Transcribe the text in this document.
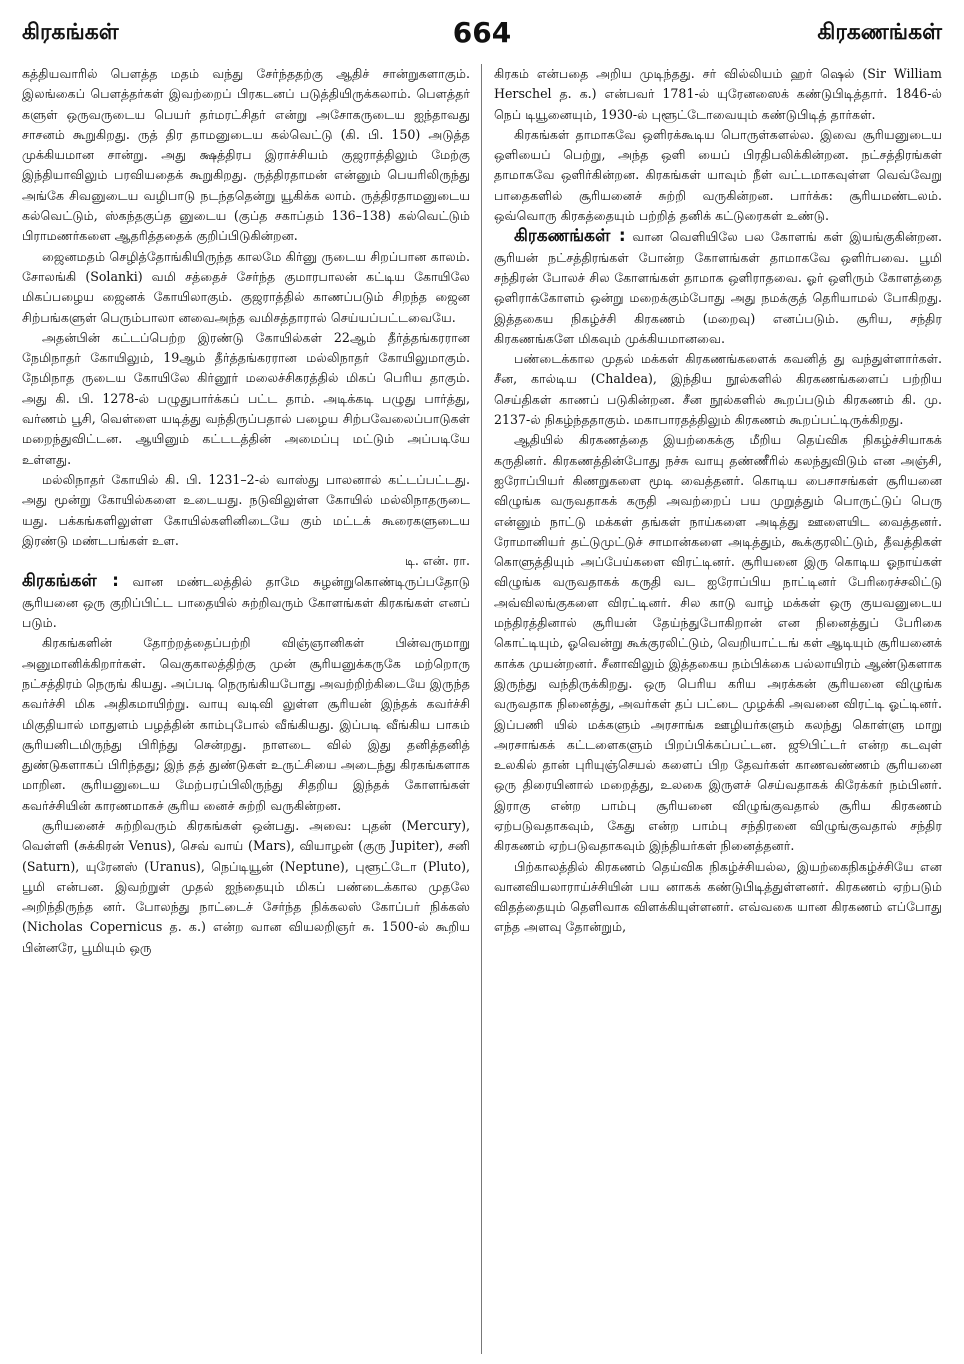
கிரகங்கள்	664	கிரகணங்கள்

கத்தியவாரில் பௌத்த மதம் வந்து சேர்ந்ததற்கு ஆதிச் சான்றுகளாகும். இலங்கைப் பௌத்தர்கள் இவற்றைப் பிரகடனப் படுத்தியிருக்கலாம். பௌத்தர் களுள் ஒருவருடைய பெயர் தர்மரட்சிதர் என்று அசோகருடைய ஐந்தாவது சாசனம் கூறுகிறது. ருத் திர தாமனுடைய கல்வெட்டு (கி. பி. 150) அடுத்த முக்கியமான சான்று. அது க்ஷத்திரப இராச்சியம் குஜராத்திலும் மேற்கு இந்தியாவிலும் பரவியதைக் கூறுகிறது. ருத்திரதாமன் என்னும் பெயரிலிருந்து அங்கே சிவனுடைய வழிபாடு நடந்ததென்று யூகிக்க லாம். ருத்திரதாமனுடைய கல்வெட்டும், ஸ்கந்தகுப்த னுடைய (குப்த சகாப்தம் 136–138) கல்வெட்டும் பிராமணர்களை ஆதரித்ததைக் குறிப்பிடுகின்றன.

ஜைனமதம் செழித்தோங்கியிருந்த காலமே கிர்னு ருடைய சிறப்பான காலம். சோலங்கி (Solanki) வமி சத்தைச் சேர்ந்த குமாரபாலன் கட்டிய கோயிலே மிகப்பழைய ஜைனக் கோயிலாகும். குஜராத்தில் காணப்படும் சிறந்த ஜைன சிற்பங்களுள் பெரும்பாலா னவைஅந்த வமிசத்தாரால் செய்யப்பட்டவையே.

அதன்பின் கட்டப்பெற்ற இரண்டு கோயில்கள் 22ஆம் தீர்த்தங்கரரான நேமிநாதர் கோயிலும், 19ஆம் தீர்த்தங்கரரான மல்லிநாதர் கோயிலுமாகும். நேமிநாத ருடைய கோயிலே கிர்னூர் மலைச்சிகரத்தில் மிகப் பெரிய தாகும். அது கி. பி. 1278-ல் பழுதுபார்க்கப் பட்ட தாம். அடிக்கடி பழுது பார்த்து, வர்ணம் பூசி, வெள்ளை யடித்து வந்திருப்பதால் பழைய சிற்பவேலைப்பாடுகள் மறைந்துவிட்டன. ஆயினும் கட்டடத்தின் அமைப்பு மட்டும் அப்படியே உள்ளது.

மல்லிநாதர் கோயில் கி. பி. 1231–2-ல் வாஸ்து பாலனால் கட்டப்பட்டது. அது மூன்று கோயில்களை உடையது. நடுவிலுள்ள கோயில் மல்லிநாதருடை யது. பக்கங்களிலுள்ள கோயில்களினிடையே கும் மட்டக் கூரைகளுடைய இரண்டு மண்டபங்கள் உள.

டி. என். ரா.

கிரகங்கள் : வான மண்டலத்தில் தாமே சுழன்றுகொண்டிருப்பதோடு சூரியனை ஒரு குறிப்பிட்ட பாதையில் சுற்றிவரும் கோளங்கள் கிரகங்கள் எனப் படும்.

கிரகங்களின் தோற்றத்தைப்பற்றி விஞ்ஞானிகள் பின்வருமாறு அனுமானிக்கிறார்கள். வெகுகாலத்திற்கு முன் சூரியனுக்கருகே மற்றொரு நட்சத்திரம் நெருங் கியது. அப்படி நெருங்கியபோது அவற்றிற்கிடையே இருந்த கவர்ச்சி மிக அதிகமாயிற்று. வாயு வடிவி லுள்ள சூரியன் இந்தக் கவர்ச்சி மிகுதியால் மாதுளம் பழத்தின் காம்புபோல் வீங்கியது. இப்படி வீங்கிய பாகம் சூரியனிடமிருந்து பிரிந்து சென்றது. நாளடை வில் இது தனித்தனித் துண்டுகளாகப் பிரிந்தது; இந் தத் துண்டுகள் உருட்சியை அடைந்து கிரகங்களாக மாறின. சூரியனுடைய மேற்பரப்பிலிருந்து சிதறிய இந்தக் கோளங்கள் கவர்ச்சியின் காரணமாகச் சூரிய னைச் சுற்றி வருகின்றன.

சூரியனைச் சுற்றிவரும் கிரகங்கள் ஒன்பது. அவை: புதன் (Mercury), வெள்ளி (சுக்கிரன் Venus), செவ் வாய் (Mars), வியாழன் (குரு Jupiter), சனி (Saturn), யுரேனஸ் (Uranus), நெப்டியூன் (Neptune), புளூட்டோ (Pluto), பூமி என்பன. இவற்றுள் முதல் ஐந்தையும் மிகப் பண்டைக்கால முதலே அறிந்திருந்த னர். போலந்து நாட்டைச் சேர்ந்த நிக்கலஸ் கோப்பர் நிக்கஸ் (Nicholas Copernicus த. க.) என்ற வான வியலறிஞர் சு. 1500-ல் கூறிய பின்னரே, பூமியும் ஒரு

கிரகம் என்பதை அறிய முடிந்தது. சர் வில்லியம் ஹர் ஷெல் (Sir William Herschel த. க.) என்பவர் 1781-ல் யுரேனஸைக் கண்டுபிடித்தார். 1846-ல் நெப் டியூனையும், 1930-ல் புளூட்டோவையும் கண்டுபிடித் தார்கள்.

கிரகங்கள் தாமாகவே ஒளிரக்கூடிய பொருள்களல்ல. இவை சூரியனுடைய ஒளியைப் பெற்று, அந்த ஒளி யைப் பிரதிபலிக்கின்றன. நட்சத்திரங்கள் தாமாகவே ஒளிர்கின்றன. கிரகங்கள் யாவும் நீள் வட்டமாகவுள்ள வெவ்வேறு பாதைகளில் சூரியனைச் சுற்றி வருகின்றன. பார்க்க: சூரியமண்டலம். ஒவ்வொரு கிரகத்தையும் பற்றித் தனிக் கட்டுரைகள் உண்டு.

கிரகணங்கள் : வான வெளியிலே பல கோளங் கள் இயங்குகின்றன. சூரியன் நட்சத்திரங்கள் போன்ற கோளங்கள் தாமாகவே ஒளிர்பவை. பூமி சந்திரன் போலச் சில கோளங்கள் தாமாக ஒளிராதவை. ஓர் ஒளிரும் கோளத்தை ஒளிராக்கோளம் ஒன்று மறைக்கும்போது அது நமக்குத் தெரியாமல் போகிறது. இத்தகைய நிகழ்ச்சி கிரகணம் (மறைவு) எனப்படும். சூரிய, சந்திர கிரகணங்களே மிகவும் முக்கியமானவை.

பண்டைக்கால முதல் மக்கள் கிரகணங்களைக் கவனித் து வந்துள்ளார்கள். சீன, கால்டிய (Chaldea), இந்திய நூல்களில் கிரகணங்களைப் பற்றிய செய்திகள் காணப் படுகின்றன. சீன நூல்களில் கூறப்படும் கிரகணம் கி. மு. 2137-ல் நிகழ்ந்ததாகும். மகாபாரதத்திலும் கிரகணம் கூறப்பட்டிருக்கிறது.

ஆதியில் கிரகணத்தை இயற்கைக்கு மீறிய தெய்விக நிகழ்ச்சியாகக் கருதினர். கிரகணத்தின்போது நச்சு வாயு தண்ணீரில் கலந்துவிடும் என அஞ்சி, ஐரோப்பியர் கிணறுகளை மூடி வைத்தனர். கொடிய பைசாசங்கள் சூரியனை விழுங்க வருவதாகக் கருதி அவற்றைப் பய முறுத்தும் பொருட்டுப் பெரு என்னும் நாட்டு மக்கள் தங்கள் நாய்களை அடித்து ஊளையிட வைத்தனர். ரோமானியர் தட்டுமுட்டுச் சாமான்களை அடித்தும், கூக்குரலிட்டும், தீவத்திகள் கொளுத்தியும் அப்பேய்களை விரட்டினர். சூரியனை இரு கொடிய ஓநாய்கள் விழுங்க வருவதாகக் கருதி வட ஐரோப்பிய நாட்டினர் பேரிரைச்சலிட்டு அவ்விலங்குகளை விரட்டினர். சில காடு வாழ் மக்கள் ஒரு குயவனுடைய மந்திரத்தினால் சூரியன் தேய்ந்துபோகிறான் என நினைத்துப் பேரிகை கொட்டியும், ஓவென்று கூக்குரலிட்டும், வெறியாட்டங் கள் ஆடியும் சூரியனைக் காக்க முயன்றனர். சீனாவிலும் இத்தகைய நம்பிக்கை பல்லாயிரம் ஆண்டுகளாக இருந்து வந்திருக்கிறது. ஒரு பெரிய கரிய அரக்கன் சூரியனை விழுங்க வருவதாக நினைத்து, அவர்கள் தப் பட்டை முழக்கி அவனை விரட்டி ஓட்டினர். இப்பணி யில் மக்களும் அரசாங்க ஊழியர்களும் கலந்து கொள்ளு மாறு அரசாங்கக் கட்டளைகளும் பிறப்பிக்கப்பட்டன. ஜூபிட்டர் என்ற கடவுள் உலகில் தான் புரியுஞ்செயல் களைப் பிற தேவர்கள் காணவண்ணம் சூரியனை ஒரு திரையினால் மறைத்து, உலகை இருளச் செய்வதாகக் கிரேக்கர் நம்பினர். இராகு என்ற பாம்பு சூரியனை விழுங்குவதால் சூரிய கிரகணம் ஏற்படுவதாகவும், கேது என்ற பாம்பு சந்திரனை விழுங்குவதால் சந்திர கிரகணம் ஏற்படுவதாகவும் இந்தியர்கள் நினைத்தனர்.

பிற்காலத்தில் கிரகணம் தெய்விக நிகழ்ச்சியல்ல, இயற்கைநிகழ்ச்சியே என வானவியலாராய்ச்சியின் பய னாகக் கண்டுபிடித்துள்ளனர். கிரகணம் ஏற்படும் விதத்தையும் தெளிவாக விளக்கியுள்ளனர். எவ்வகை யான கிரகணம் எப்போது எந்த அளவு தோன்றும்,
